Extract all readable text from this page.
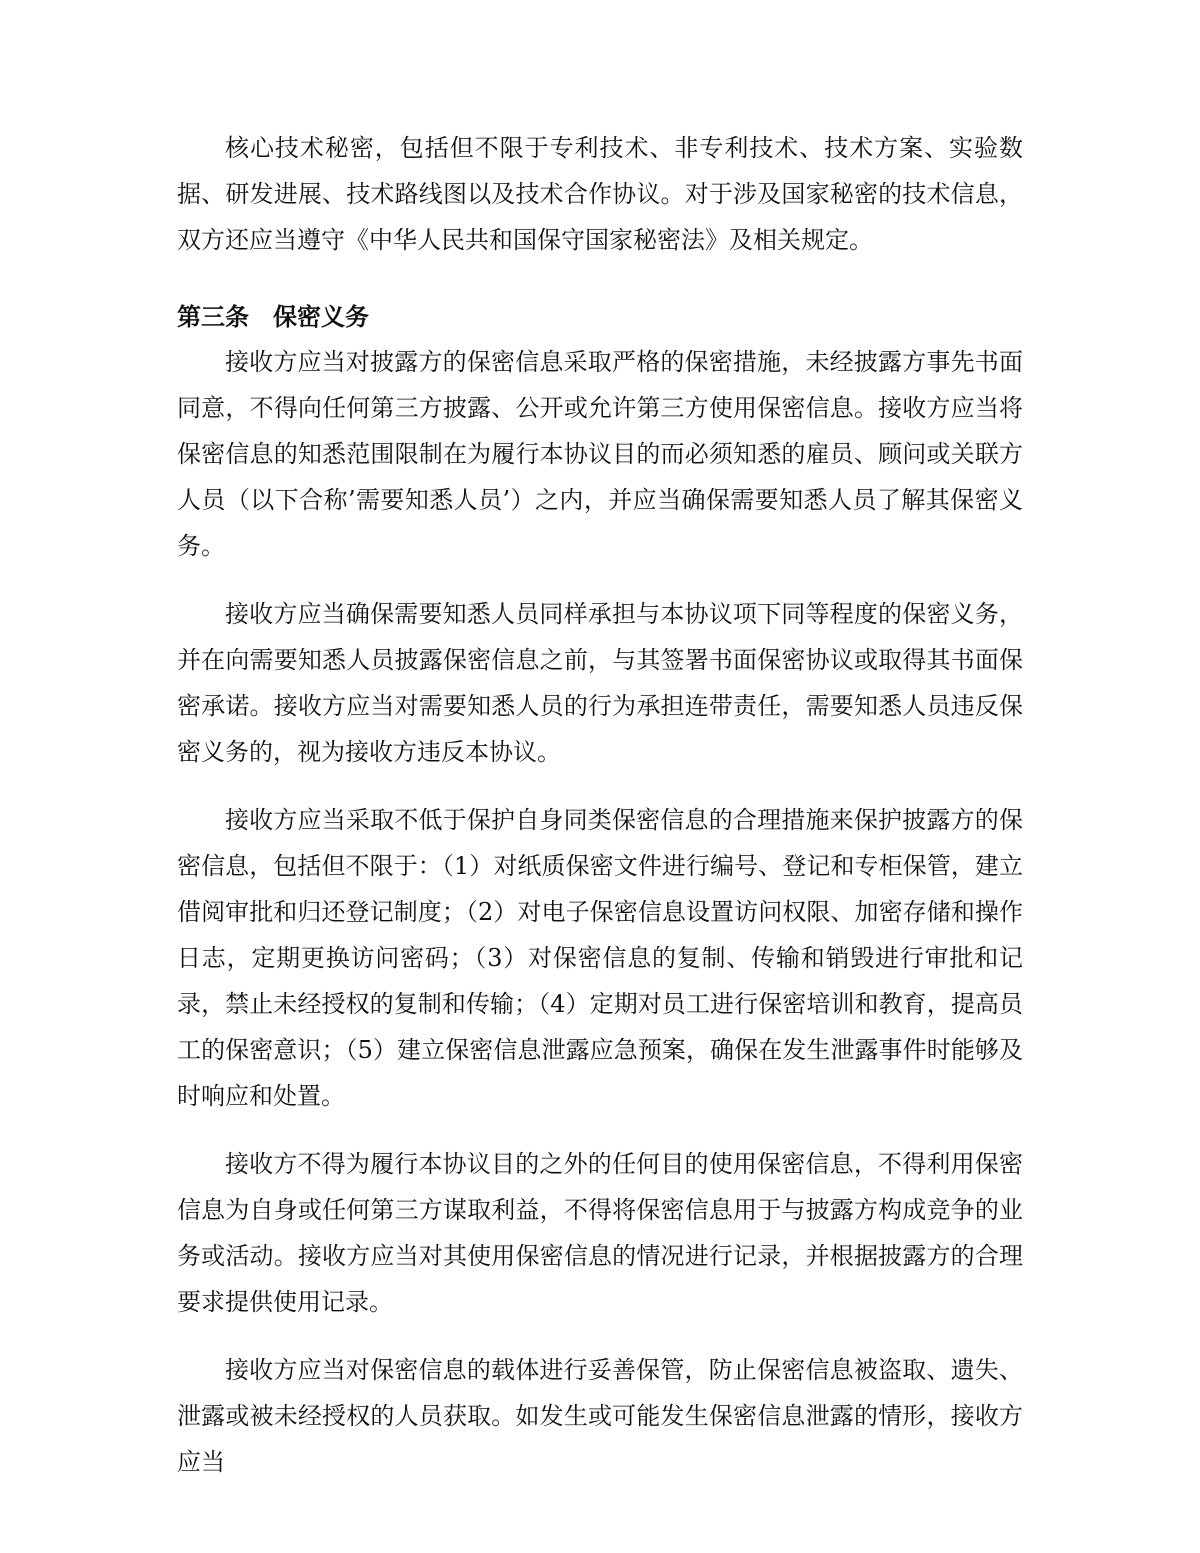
核心技术秘密，包括但不限于专利技术、非专利技术、技术方案、实验数据、研发进展、技术路线图以及技术合作协议。对于涉及国家秘密的技术信息，双方还应当遵守《中华人民共和国保守国家秘密法》及相关规定。

第三条 保密义务

接收方应当对披露方的保密信息采取严格的保密措施，未经披露方事先书面同意，不得向任何第三方披露、公开或允许第三方使用保密信息。接收方应当将保密信息的知悉范围限制在为履行本协议目的而必须知悉的雇员、顾问或关联方人员（以下合称’需要知悉人员’）之内，并应当确保需要知悉人员了解其保密义务。

接收方应当确保需要知悉人员同样承担与本协议项下同等程度的保密义务，并在向需要知悉人员披露保密信息之前，与其签署书面保密协议或取得其书面保密承诺。接收方应当对需要知悉人员的行为承担连带责任，需要知悉人员违反保密义务的，视为接收方违反本协议。

接收方应当采取不低于保护自身同类保密信息的合理措施来保护披露方的保密信息，包括但不限于：（1）对纸质保密文件进行编号、登记和专柜保管，建立借阅审批和归还登记制度；（2）对电子保密信息设置访问权限、加密存储和操作日志，定期更换访问密码；（3）对保密信息的复制、传输和销毁进行审批和记录，禁止未经授权的复制和传输；（4）定期对员工进行保密培训和教育，提高员工的保密意识；（5）建立保密信息泄露应急预案，确保在发生泄露事件时能够及时响应和处置。

接收方不得为履行本协议目的之外的任何目的使用保密信息，不得利用保密信息为自身或任何第三方谋取利益，不得将保密信息用于与披露方构成竞争的业务或活动。接收方应当对其使用保密信息的情况进行记录，并根据披露方的合理要求提供使用记录。

接收方应当对保密信息的载体进行妥善保管，防止保密信息被盗取、遗失、泄露或被未经授权的人员获取。如发生或可能发生保密信息泄露的情形，接收方应当
